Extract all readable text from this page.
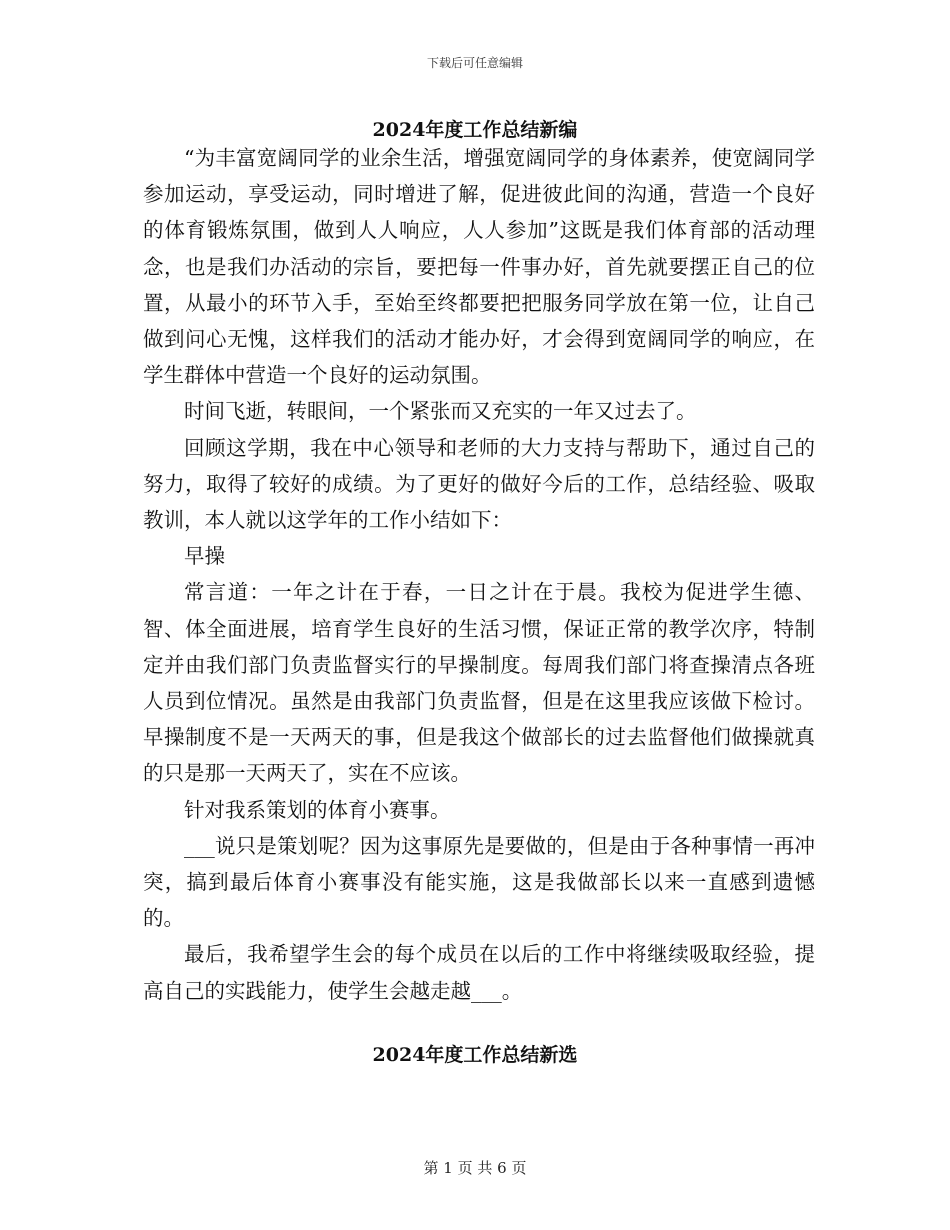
下载后可任意编辑
2024年度工作总结新编

“为丰富宽阔同学的业余生活，增强宽阔同学的身体素养，使宽阔同学参加运动，享受运动，同时增进了解，促进彼此间的沟通，营造一个良好的体育锻炼氛围，做到人人响应，人人参加”这既是我们体育部的活动理念，也是我们办活动的宗旨，要把每一件事办好，首先就要摆正自己的位置，从最小的环节入手，至始至终都要把把服务同学放在第一位，让自己做到问心无愧，这样我们的活动才能办好，才会得到宽阔同学的响应，在学生群体中营造一个良好的运动氛围。

时间飞逝，转眼间，一个紧张而又充实的一年又过去了。

回顾这学期，我在中心领导和老师的大力支持与帮助下，通过自己的努力，取得了较好的成绩。为了更好的做好今后的工作，总结经验、吸取教训，本人就以这学年的工作小结如下：

早操

常言道：一年之计在于春，一日之计在于晨。我校为促进学生德、智、体全面进展，培育学生良好的生活习惯，保证正常的教学次序，特制定并由我们部门负责监督实行的早操制度。每周我们部门将查操清点各班人员到位情况。虽然是由我部门负责监督，但是在这里我应该做下检讨。早操制度不是一天两天的事，但是我这个做部长的过去监督他们做操就真的只是那一天两天了，实在不应该。

针对我系策划的体育小赛事。

___说只是策划呢？因为这事原先是要做的，但是由于各种事情一再冲突，搞到最后体育小赛事没有能实施，这是我做部长以来一直感到遗憾的。

最后，我希望学生会的每个成员在以后的工作中将继续吸取经验，提高自己的实践能力，使学生会越走越___。

2024年度工作总结新选
第 1 页 共 6 页
